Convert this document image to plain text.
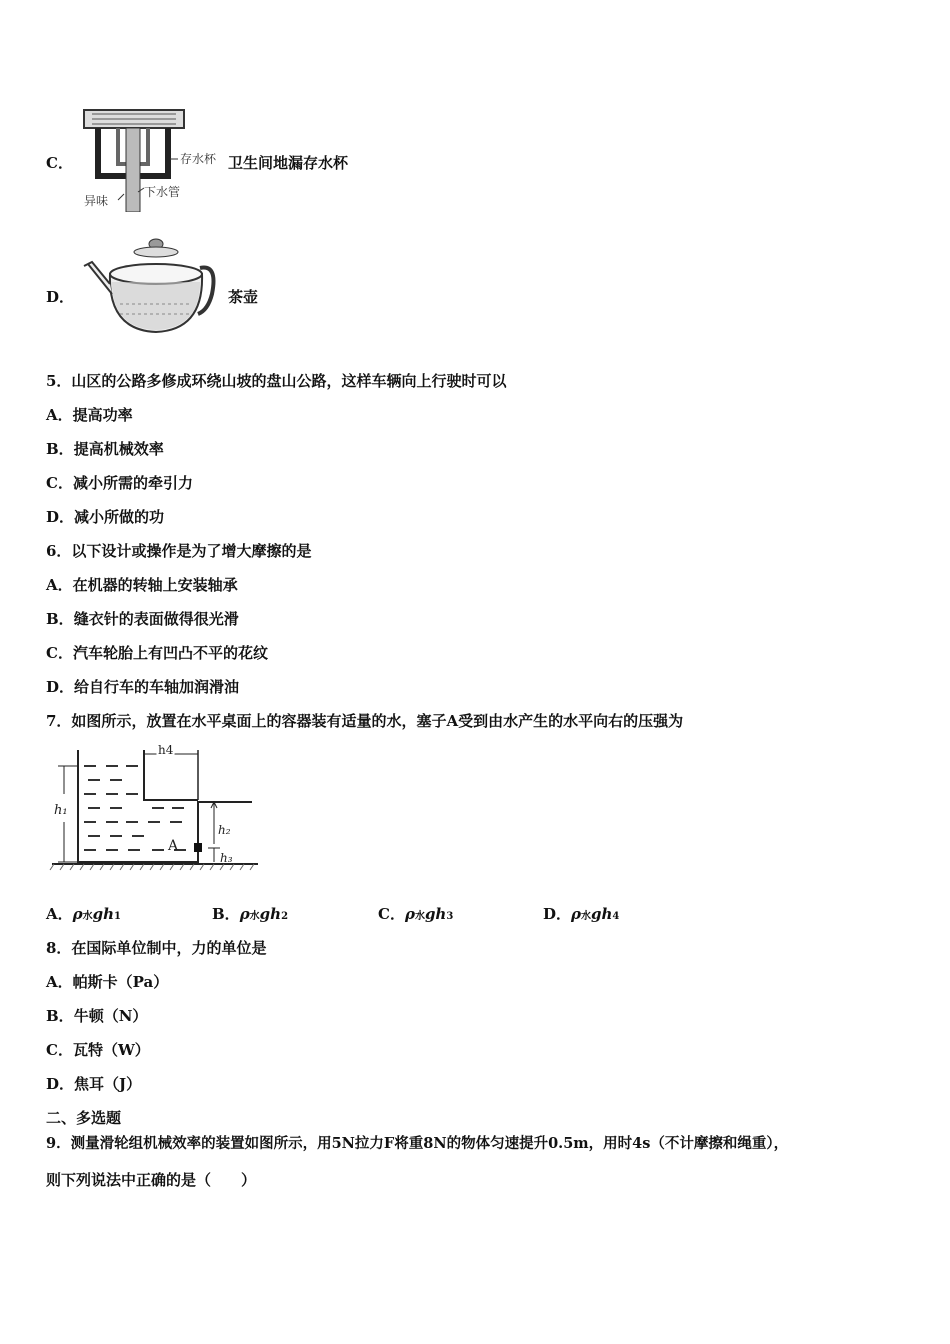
C．	存水杯
下水管
异味
卫生间地漏存水杯
D．	茶壶
5．山区的公路多修成环绕山坡的盘山公路，这样车辆向上行驶时可以
A．提高功率
B．提高机械效率
C．减小所需的牵引力
D．减小所做的功
6．以下设计或操作是为了增大摩擦的是
A．在机器的转轴上安装轴承
B．缝衣针的表面做得很光滑
C．汽车轮胎上有凹凸不平的花纹
D．给自行车的车轴加润滑油
7．如图所示，放置在水平桌面上的容器装有适量的水，塞子A受到由水产生的水平向右的压强为
A
h₁
h4
h₂
h₃
A．ρ水gh1	B．ρ水gh2	C．ρ水gh3	D．ρ水gh4
8．在国际单位制中，力的单位是
A．帕斯卡（Pa）
B．牛顿（N）
C．瓦特（W）
D．焦耳（J）
二、多选题
9．测量滑轮组机械效率的装置如图所示，用5N拉力F将重8N的物体匀速提升0.5m，用时4s（不计摩擦和绳重），
则下列说法中正确的是（　　）
